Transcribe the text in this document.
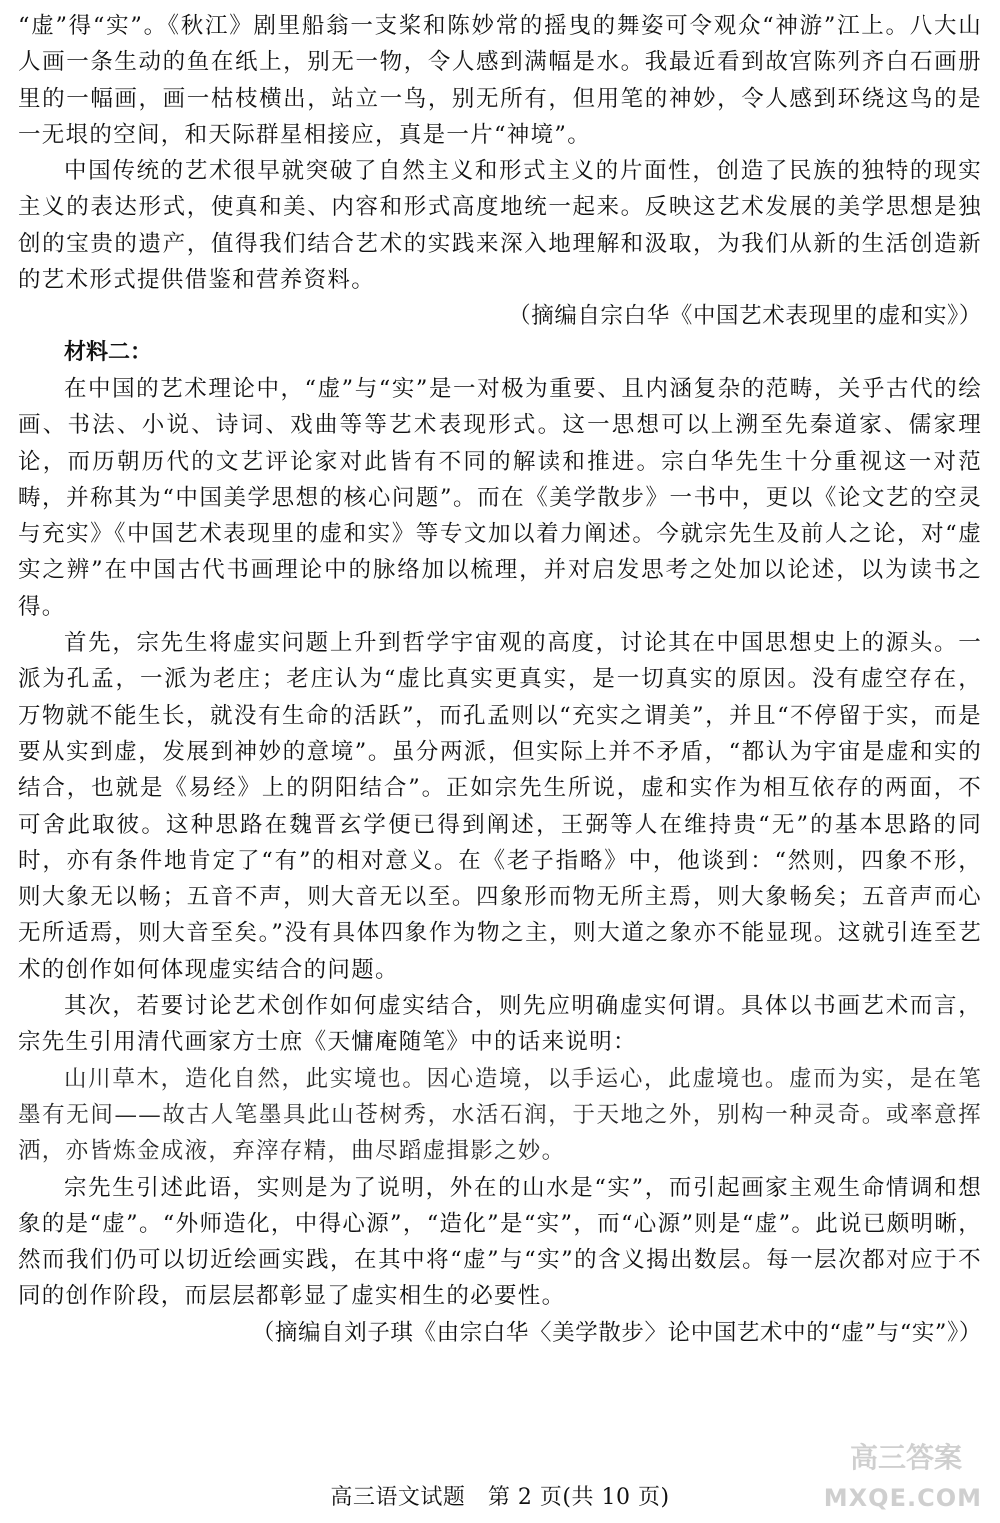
“虚”得“实”。《秋江》剧里船翁一支桨和陈妙常的摇曳的舞姿可令观众“神游”江上。八大山人画一条生动的鱼在纸上，别无一物，令人感到满幅是水。我最近看到故宫陈列齐白石画册里的一幅画，画一枯枝横出，站立一鸟，别无所有，但用笔的神妙，令人感到环绕这鸟的是一无垠的空间，和天际群星相接应，真是一片“神境”。

中国传统的艺术很早就突破了自然主义和形式主义的片面性，创造了民族的独特的现实主义的表达形式，使真和美、内容和形式高度地统一起来。反映这艺术发展的美学思想是独创的宝贵的遗产，值得我们结合艺术的实践来深入地理解和汲取，为我们从新的生活创造新的艺术形式提供借鉴和营养资料。

（摘编自宗白华《中国艺术表现里的虚和实》）

材料二：

在中国的艺术理论中，“虚”与“实”是一对极为重要、且内涵复杂的范畴，关乎古代的绘画、书法、小说、诗词、戏曲等等艺术表现形式。这一思想可以上溯至先秦道家、儒家理论，而历朝历代的文艺评论家对此皆有不同的解读和推进。宗白华先生十分重视这一对范畴，并称其为“中国美学思想的核心问题”。而在《美学散步》一书中，更以《论文艺的空灵与充实》《中国艺术表现里的虚和实》等专文加以着力阐述。今就宗先生及前人之论，对“虚实之辨”在中国古代书画理论中的脉络加以梳理，并对启发思考之处加以论述，以为读书之得。

首先，宗先生将虚实问题上升到哲学宇宙观的高度，讨论其在中国思想史上的源头。一派为孔孟，一派为老庄；老庄认为“虚比真实更真实，是一切真实的原因。没有虚空存在，万物就不能生长，就没有生命的活跃”，而孔孟则以“充实之谓美”，并且“不停留于实，而是要从实到虚，发展到神妙的意境”。虽分两派，但实际上并不矛盾，“都认为宇宙是虚和实的结合，也就是《易经》上的阴阳结合”。正如宗先生所说，虚和实作为相互依存的两面，不可舍此取彼。这种思路在魏晋玄学便已得到阐述，王弼等人在维持贵“无”的基本思路的同时，亦有条件地肯定了“有”的相对意义。在《老子指略》中，他谈到：“然则，四象不形，则大象无以畅；五音不声，则大音无以至。四象形而物无所主焉，则大象畅矣；五音声而心无所适焉，则大音至矣。”没有具体四象作为物之主，则大道之象亦不能显现。这就引连至艺术的创作如何体现虚实结合的问题。

其次，若要讨论艺术创作如何虚实结合，则先应明确虚实何谓。具体以书画艺术而言，宗先生引用清代画家方士庶《天慵庵随笔》中的话来说明：

山川草木，造化自然，此实境也。因心造境，以手运心，此虚境也。虚而为实，是在笔墨有无间——故古人笔墨具此山苍树秀，水活石润，于天地之外，别构一种灵奇。或率意挥洒，亦皆炼金成液，弃滓存精，曲尽蹈虚揖影之妙。

宗先生引述此语，实则是为了说明，外在的山水是“实”，而引起画家主观生命情调和想象的是“虚”。“外师造化，中得心源”，“造化”是“实”，而“心源”则是“虚”。此说已颇明晰，然而我们仍可以切近绘画实践，在其中将“虚”与“实”的含义揭出数层。每一层次都对应于不同的创作阶段，而层层都彰显了虚实相生的必要性。

（摘编自刘子琪《由宗白华〈美学散步〉论中国艺术中的“虚”与“实”》）

高三答案
MXQE.COM
高三语文试题　第 2 页(共 10 页)
